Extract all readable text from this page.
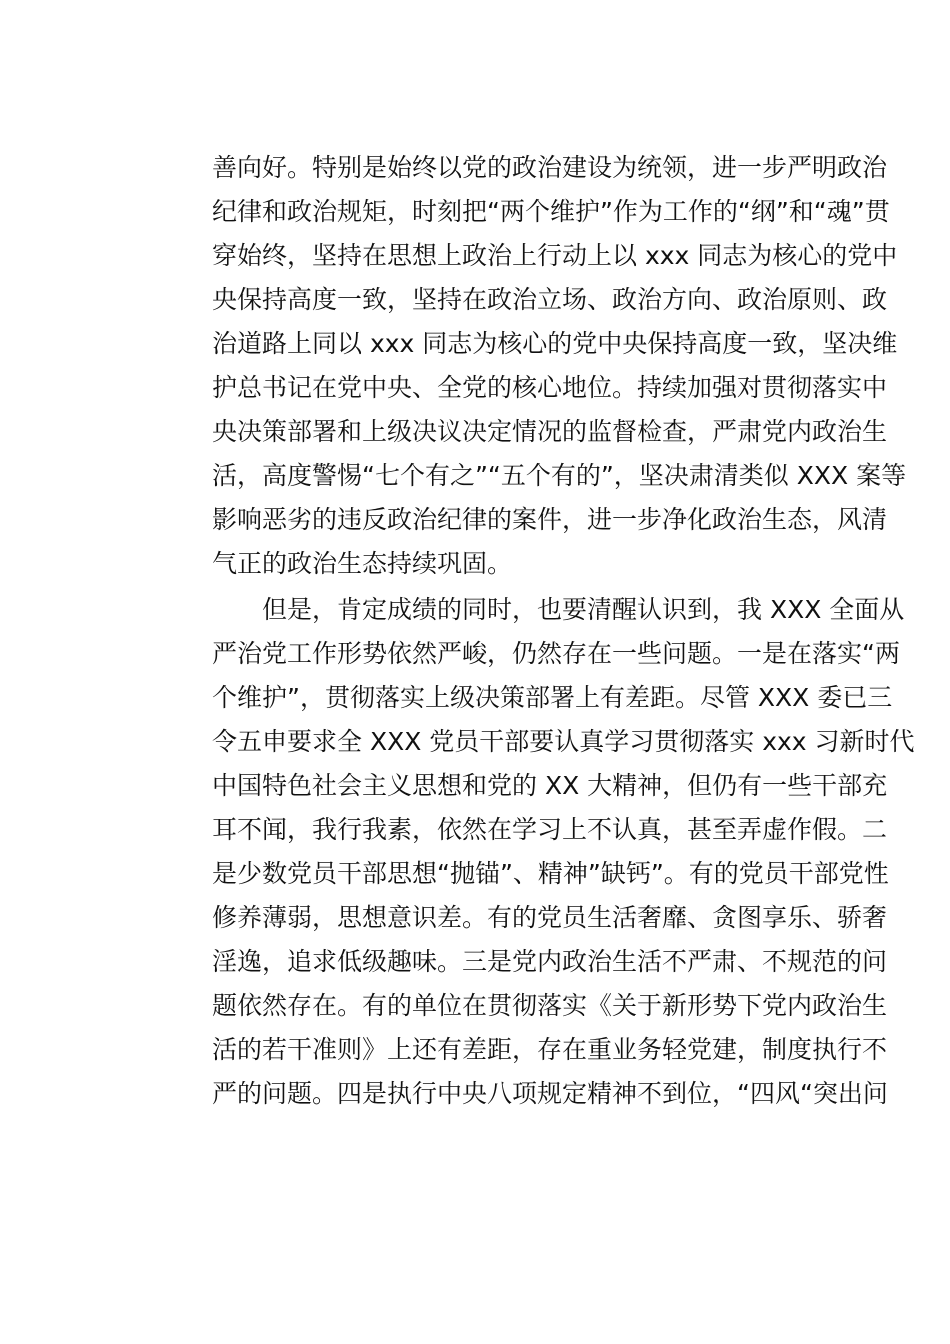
善向好。特别是始终以党的政治建设为统领，进一步严明政治
纪律和政治规矩，时刻把“两个维护”作为工作的“纲”和“魂”贯
穿始终，坚持在思想上政治上行动上以 xxx 同志为核心的党中
央保持高度一致，坚持在政治立场、政治方向、政治原则、政
治道路上同以 xxx 同志为核心的党中央保持高度一致，坚决维
护总书记在党中央、全党的核心地位。持续加强对贯彻落实中
央决策部署和上级决议决定情况的监督检查，严肃党内政治生
活，高度警惕“七个有之”“五个有的”，坚决肃清类似 XXX 案等
影响恶劣的违反政治纪律的案件，进一步净化政治生态，风清
气正的政治生态持续巩固。
但是，肯定成绩的同时，也要清醒认识到，我 XXX 全面从
严治党工作形势依然严峻，仍然存在一些问题。一是在落实“两
个维护”，贯彻落实上级决策部署上有差距。尽管 XXX 委已三
令五申要求全 XXX 党员干部要认真学习贯彻落实 xxx 习新时代
中国特色社会主义思想和党的 XX 大精神，但仍有一些干部充
耳不闻，我行我素，依然在学习上不认真，甚至弄虚作假。二
是少数党员干部思想“抛锚”、精神”缺钙”。有的党员干部党性
修养薄弱，思想意识差。有的党员生活奢靡、贪图享乐、骄奢
淫逸，追求低级趣味。三是党内政治生活不严肃、不规范的问
题依然存在。有的单位在贯彻落实《关于新形势下党内政治生
活的若干准则》上还有差距，存在重业务轻党建，制度执行不
严的问题。四是执行中央八项规定精神不到位，“四风“突出问
